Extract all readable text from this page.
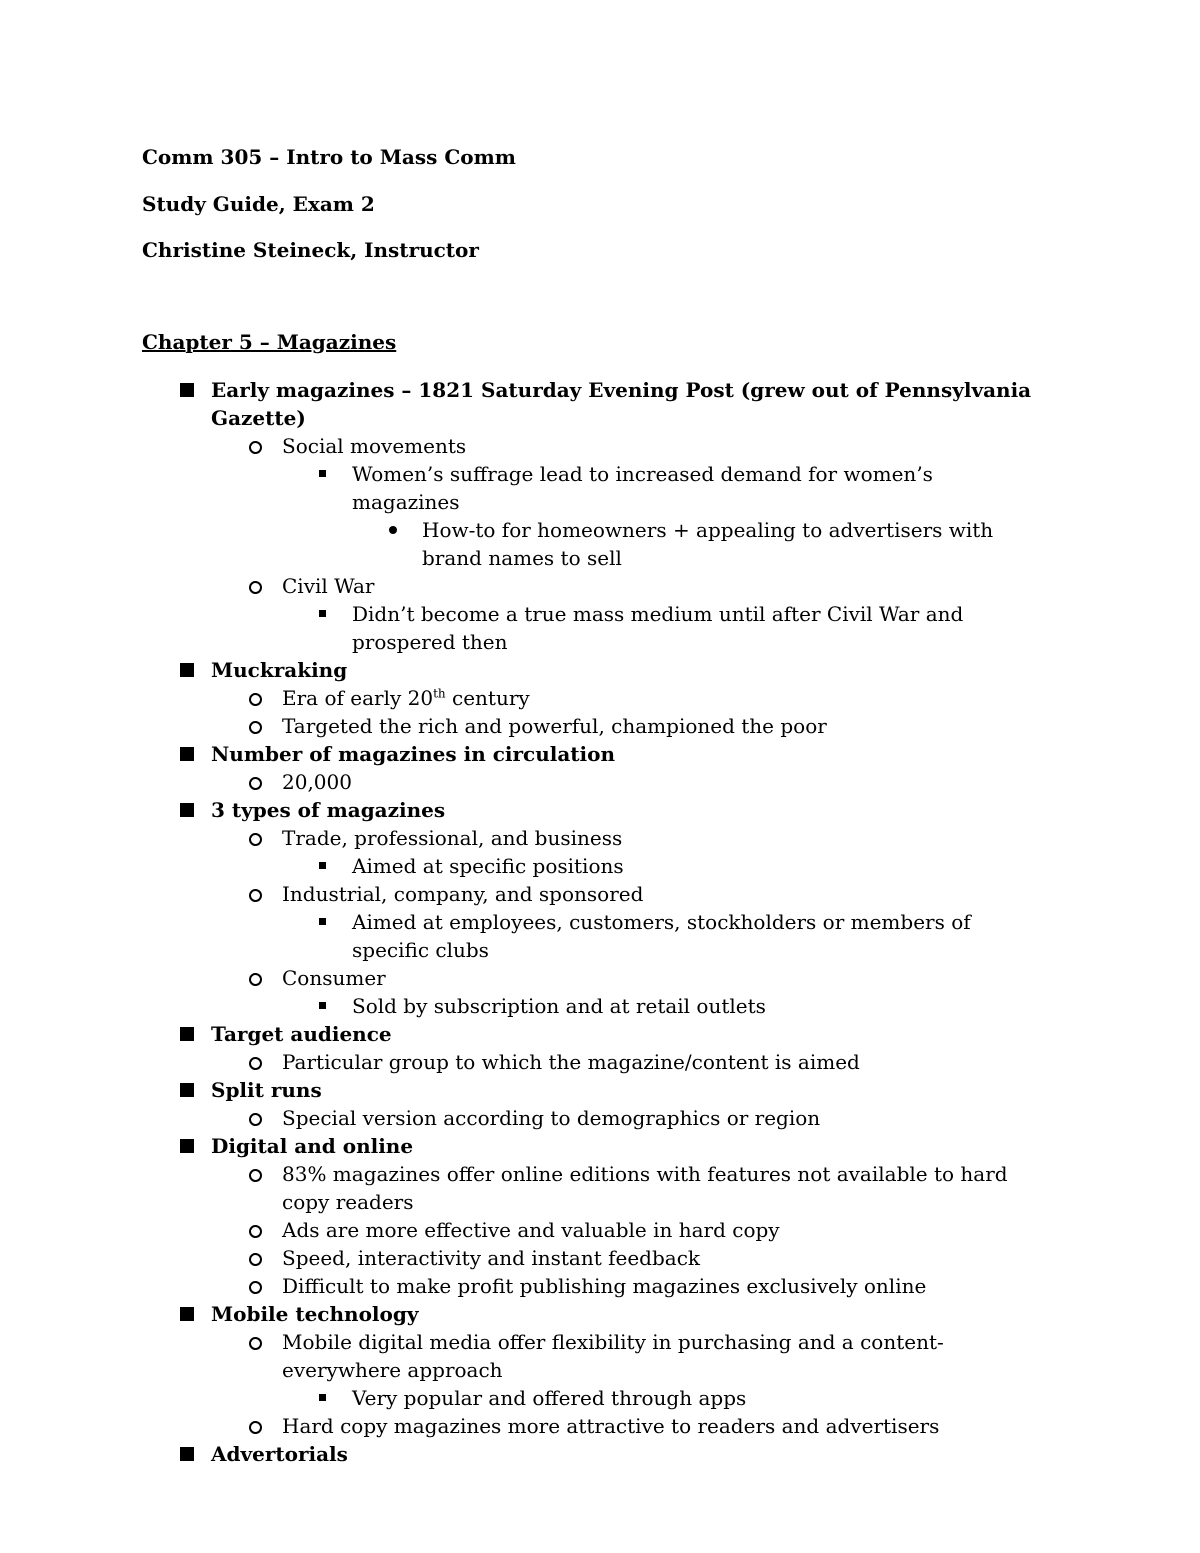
Comm 305 – Intro to Mass Comm
Study Guide, Exam 2
Christine Steineck, Instructor
Chapter 5 – Magazines
Early magazines – 1821 Saturday Evening Post (grew out of Pennsylvania Gazette)
Social movements
Women’s suffrage lead to increased demand for women’s magazines
How-to for homeowners + appealing to advertisers with brand names to sell
Civil War
Didn’t become a true mass medium until after Civil War and prospered then
Muckraking
Era of early 20th century
Targeted the rich and powerful, championed the poor
Number of magazines in circulation
20,000
3 types of magazines
Trade, professional, and business
Aimed at specific positions
Industrial, company, and sponsored
Aimed at employees, customers, stockholders or members of specific clubs
Consumer
Sold by subscription and at retail outlets
Target audience
Particular group to which the magazine/content is aimed
Split runs
Special version according to demographics or region
Digital and online
83% magazines offer online editions with features not available to hard copy readers
Ads are more effective and valuable in hard copy
Speed, interactivity and instant feedback
Difficult to make profit publishing magazines exclusively online
Mobile technology
Mobile digital media offer flexibility in purchasing and a content-everywhere approach
Very popular and offered through apps
Hard copy magazines more attractive to readers and advertisers
Advertorials
